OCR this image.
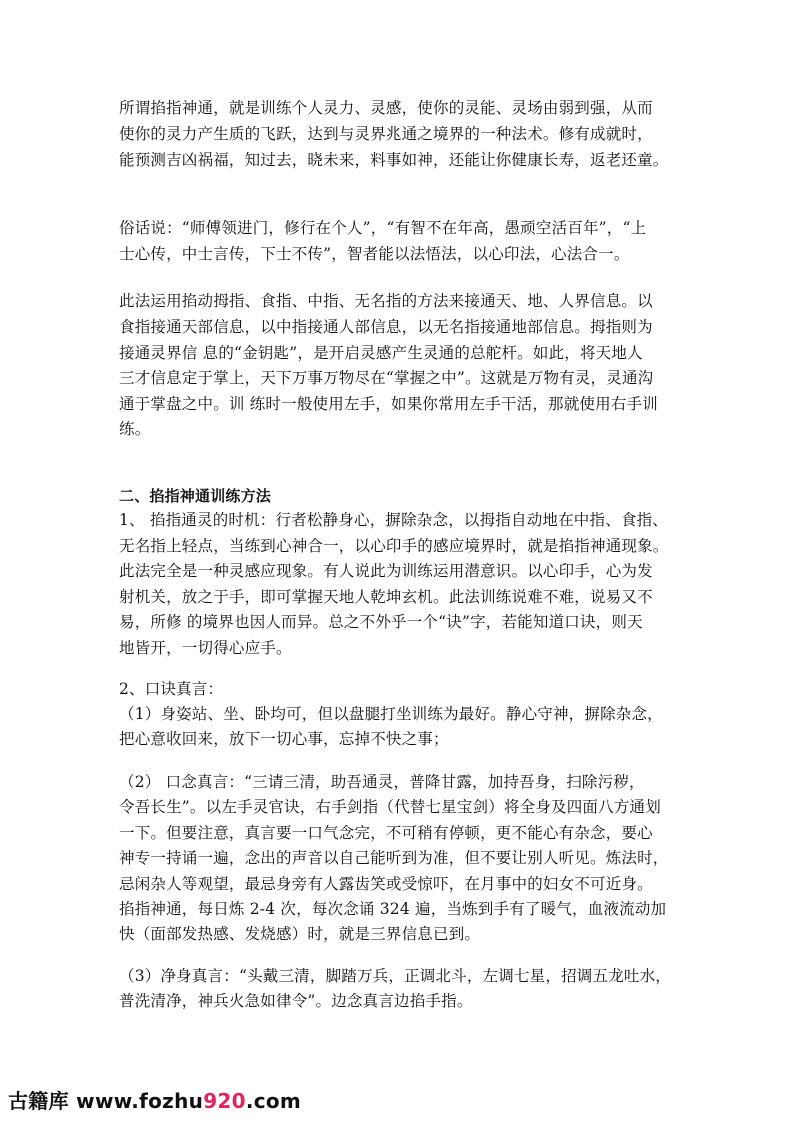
所谓掐指神通，就是训练个人灵力、灵感，使你的灵能、灵场由弱到强，从而
使你的灵力产生质的飞跃，达到与灵界兆通之境界的一种法术。修有成就时，
能预测吉凶祸福，知过去，晓未来，料事如神，还能让你健康长寿，返老还童。
俗话说：“师傅领进门，修行在个人”，“有智不在年高，愚顽空活百年”，“上
士心传，中士言传，下士不传”，智者能以法悟法，以心印法，心法合一。
此法运用掐动拇指、食指、中指、无名指的方法来接通天、地、人界信息。以
食指接通天部信息，以中指接通人部信息，以无名指接通地部信息。拇指则为
接通灵界信 息的“金钥匙”，是开启灵感产生灵通的总舵杆。如此，将天地人
三才信息定于掌上，天下万事万物尽在“掌握之中”。这就是万物有灵，灵通沟
通于掌盘之中。训 练时一般使用左手，如果你常用左手干活，那就使用右手训
练。
二、掐指神通训练方法
1、 掐指通灵的时机：行者松静身心，摒除杂念，以拇指自动地在中指、食指、
无名指上轻点，当练到心神合一，以心印手的感应境界时，就是掐指神通现象。
此法完全是一种灵感应现象。有人说此为训练运用潜意识。以心印手，心为发
射机关，放之于手，即可掌握天地人乾坤玄机。此法训练说难不难，说易又不
易，所修 的境界也因人而异。总之不外乎一个“诀”字，若能知道口诀，则天
地皆开，一切得心应手。
2、口诀真言：
（1）身姿站、坐、卧均可，但以盘腿打坐训练为最好。静心守神，摒除杂念，
把心意收回来，放下一切心事，忘掉不快之事；
（2） 口念真言：“三请三清，助吾通灵，普降甘露，加持吾身，扫除污秽，
令吾长生”。以左手灵官诀，右手剑指（代替七星宝剑）将全身及四面八方通划
一下。但要注意，真言要一口气念完，不可稍有停顿，更不能心有杂念，要心
神专一持诵一遍，念出的声音以自己能听到为准，但不要让别人听见。炼法时，
忌闲杂人等观望，最忌身旁有人露齿笑或受惊吓，在月事中的妇女不可近身。
掐指神通，每日炼 2-4 次，每次念诵 324 遍，当炼到手有了暖气，血液流动加
快（面部发热感、发烧感）时，就是三界信息已到。
（3）净身真言：“头戴三清，脚踏万兵，正调北斗，左调七星，招调五龙吐水，
普洗清净，神兵火急如律令”。边念真言边掐手指。
古籍库 www.fozhu920.com
